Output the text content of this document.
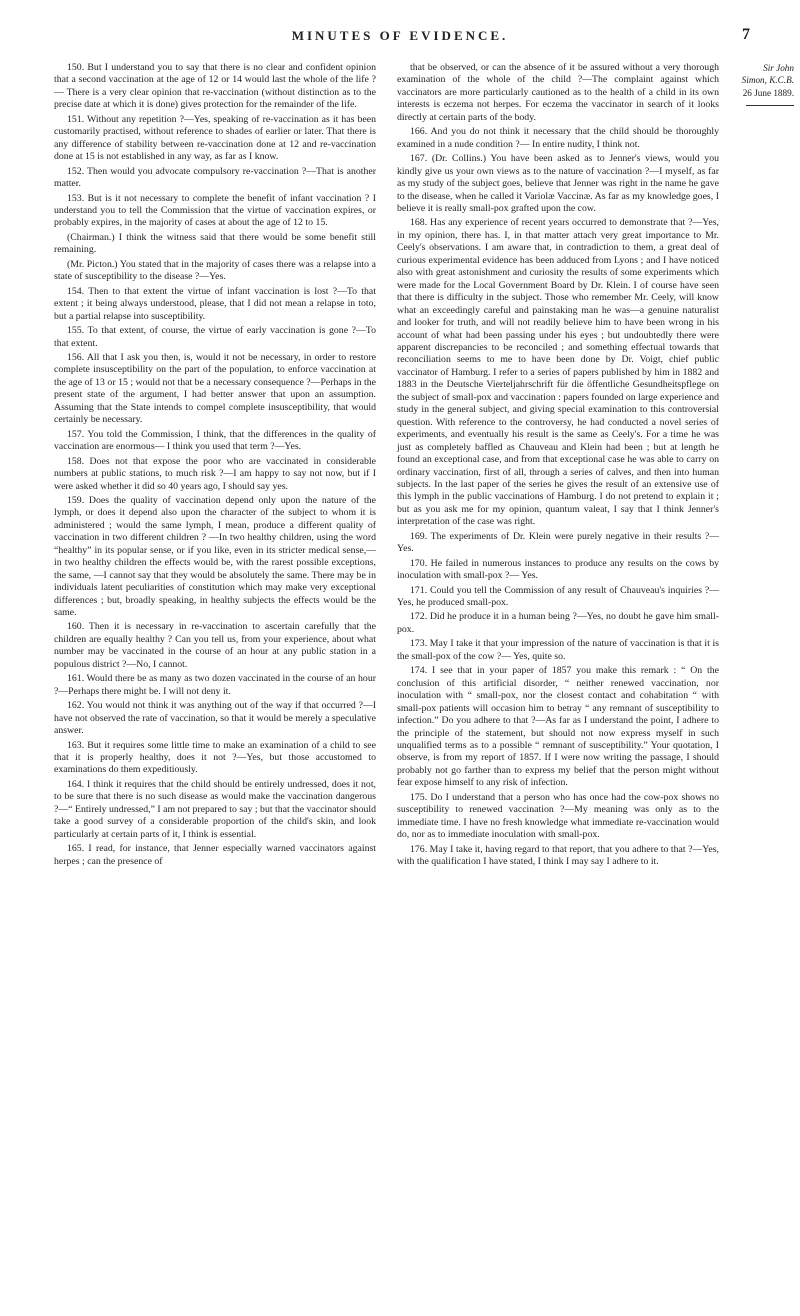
MINUTES OF EVIDENCE.	7

150. But I understand you to say that there is no clear and confident opinion that a second vaccination at the age of 12 or 14 would last the whole of the life ?— There is a very clear opinion that re-vaccination (without distinction as to the precise date at which it is done) gives protection for the remainder of the life.

151. Without any repetition ?—Yes, speaking of re-vaccination as it has been customarily practised, without reference to shades of earlier or later. That there is any difference of stability between re-vaccination done at 12 and re-vaccination done at 15 is not established in any way, as far as I know.

152. Then would you advocate compulsory re-vaccination ?—That is another matter.

153. But is it not necessary to complete the benefit of infant vaccination ? I understand you to tell the Commission that the virtue of vaccination expires, or probably expires, in the majority of cases at about the age of 12 to 15.

(Chairman.) I think the witness said that there would be some benefit still remaining.

(Mr. Picton.) You stated that in the majority of cases there was a relapse into a state of susceptibility to the disease ?—Yes.

154. Then to that extent the virtue of infant vaccination is lost ?—To that extent ; it being always understood, please, that I did not mean a relapse in toto, but a partial relapse into susceptibility.

155. To that extent, of course, the virtue of early vaccination is gone ?—To that extent.

156. All that I ask you then, is, would it not be necessary, in order to restore complete insusceptibility on the part of the population, to enforce vaccination at the age of 13 or 15 ; would not that be a necessary consequence ?—Perhaps in the present state of the argument, I had better answer that upon an assumption. Assuming that the State intends to compel complete insusceptibility, that would certainly be necessary.

157. You told the Commission, I think, that the differences in the quality of vaccination are enormous— I think you used that term ?—Yes.

158. Does not that expose the poor who are vaccinated in considerable numbers at public stations, to much risk ?—I am happy to say not now, but if I were asked whether it did so 40 years ago, I should say yes.

159. Does the quality of vaccination depend only upon the nature of the lymph, or does it depend also upon the character of the subject to whom it is administered ; would the same lymph, I mean, produce a different quality of vaccination in two different children ? —In two healthy children, using the word “healthy” in its popular sense, or if you like, even in its stricter medical sense,—in two healthy children the effects would be, with the rarest possible exceptions, the same, —I cannot say that they would be absolutely the same. There may be in individuals latent peculiarities of constitution which may make very exceptional differences ; but, broadly speaking, in healthy subjects the effects would be the same.

160. Then it is necessary in re-vaccination to ascertain carefully that the children are equally healthy ? Can you tell us, from your experience, about what number may be vaccinated in the course of an hour at any public station in a populous district ?—No, I cannot.

161. Would there be as many as two dozen vaccinated in the course of an hour ?—Perhaps there might be. I will not deny it.

162. You would not think it was anything out of the way if that occurred ?—I have not observed the rate of vaccination, so that it would be merely a speculative answer.

163. But it requires some little time to make an examination of a child to see that it is properly healthy, does it not ?—Yes, but those accustomed to examinations do them expeditiously.

164. I think it requires that the child should be entirely undressed, does it not, to be sure that there is no such disease as would make the vaccination dangerous ?—“ Entirely undressed,” I am not prepared to say ; but that the vaccinator should take a good survey of a considerable proportion of the child's skin, and look particularly at certain parts of it, I think is essential.

165. I read, for instance, that Jenner especially warned vaccinators against herpes ; can the presence of

that be observed, or can the absence of it be assured without a very thorough examination of the whole of the child ?—The complaint against which vaccinators are more particularly cautioned as to the health of a child in its own interests is eczema not herpes. For eczema the vaccinator in search of it looks directly at certain parts of the body.

166. And you do not think it necessary that the child should be thoroughly examined in a nude condition ?— In entire nudity, I think not.

167. (Dr. Collins.) You have been asked as to Jenner's views, would you kindly give us your own views as to the nature of vaccination ?—I myself, as far as my study of the subject goes, believe that Jenner was right in the name he gave to the disease, when he called it Variolæ Vaccinæ. As far as my knowledge goes, I believe it is really small-pox grafted upon the cow.

168. Has any experience of recent years occurred to demonstrate that ?—Yes, in my opinion, there has. I, in that matter attach very great importance to Mr. Ceely's observations. I am aware that, in contradiction to them, a great deal of curious experimental evidence has been adduced from Lyons ; and I have noticed also with great astonishment and curiosity the results of some experiments which were made for the Local Government Board by Dr. Klein. I of course have seen that there is difficulty in the subject. Those who remember Mr. Ceely, will know what an exceedingly careful and painstaking man he was—a genuine naturalist and looker for truth, and will not readily believe him to have been wrong in his account of what had been passing under his eyes ; but undoubtedly there were apparent discrepancies to be reconciled ; and something effectual towards that reconciliation seems to me to have been done by Dr. Voigt, chief public vaccinator of Hamburg. I refer to a series of papers published by him in 1882 and 1883 in the Deutsche Vierteljahrschrift für die öffentliche Gesundheitspflege on the subject of small-pox and vaccination : papers founded on large experience and study in the general subject, and giving special examination to this controversial question. With reference to the controversy, he had conducted a novel series of experiments, and eventually his result is the same as Ceely's. For a time he was just as completely baffled as Chauveau and Klein had been ; but at length he found an exceptional case, and from that exceptional case he was able to carry on ordinary vaccination, first of all, through a series of calves, and then into human subjects. In the last paper of the series he gives the result of an extensive use of this lymph in the public vaccinations of Hamburg. I do not pretend to explain it ; but as you ask me for my opinion, quantum valeat, I say that I think Jenner's interpretation of the case was right.

169. The experiments of Dr. Klein were purely negative in their results ?—Yes.

170. He failed in numerous instances to produce any results on the cows by inoculation with small-pox ?— Yes.

171. Could you tell the Commission of any result of Chauveau's inquiries ?—Yes, he produced small-pox.

172. Did he produce it in a human being ?—Yes, no doubt he gave him small-pox.

173. May I take it that your impression of the nature of vaccination is that it is the small-pox of the cow ?— Yes, quite so.

174. I see that in your paper of 1857 you make this remark : “ On the conclusion of this artificial disorder, “ neither renewed vaccination, nor inoculation with “ small-pox, nor the closest contact and cohabitation “ with small-pox patients will occasion him to betray “ any remnant of susceptibility to infection.” Do you adhere to that ?—As far as I understand the point, I adhere to the principle of the statement, but should not now express myself in such unqualified terms as to a possible “ remnant of susceptibility.” Your quotation, I observe, is from my report of 1857. If I were now writing the passage, I should probably not go farther than to express my belief that the person might without fear expose himself to any risk of infection.

175. Do I understand that a person who has once had the cow-pox shows no susceptibility to renewed vaccination ?—My meaning was only as to the immediate time. I have no fresh knowledge what immediate re-vaccination would do, nor as to immediate inoculation with small-pox.

176. May I take it, having regard to that report, that you adhere to that ?—Yes, with the qualification I have stated, I think I may say I adhere to it.

Sir John
Simon, K.C.B.
26 June 1889.
